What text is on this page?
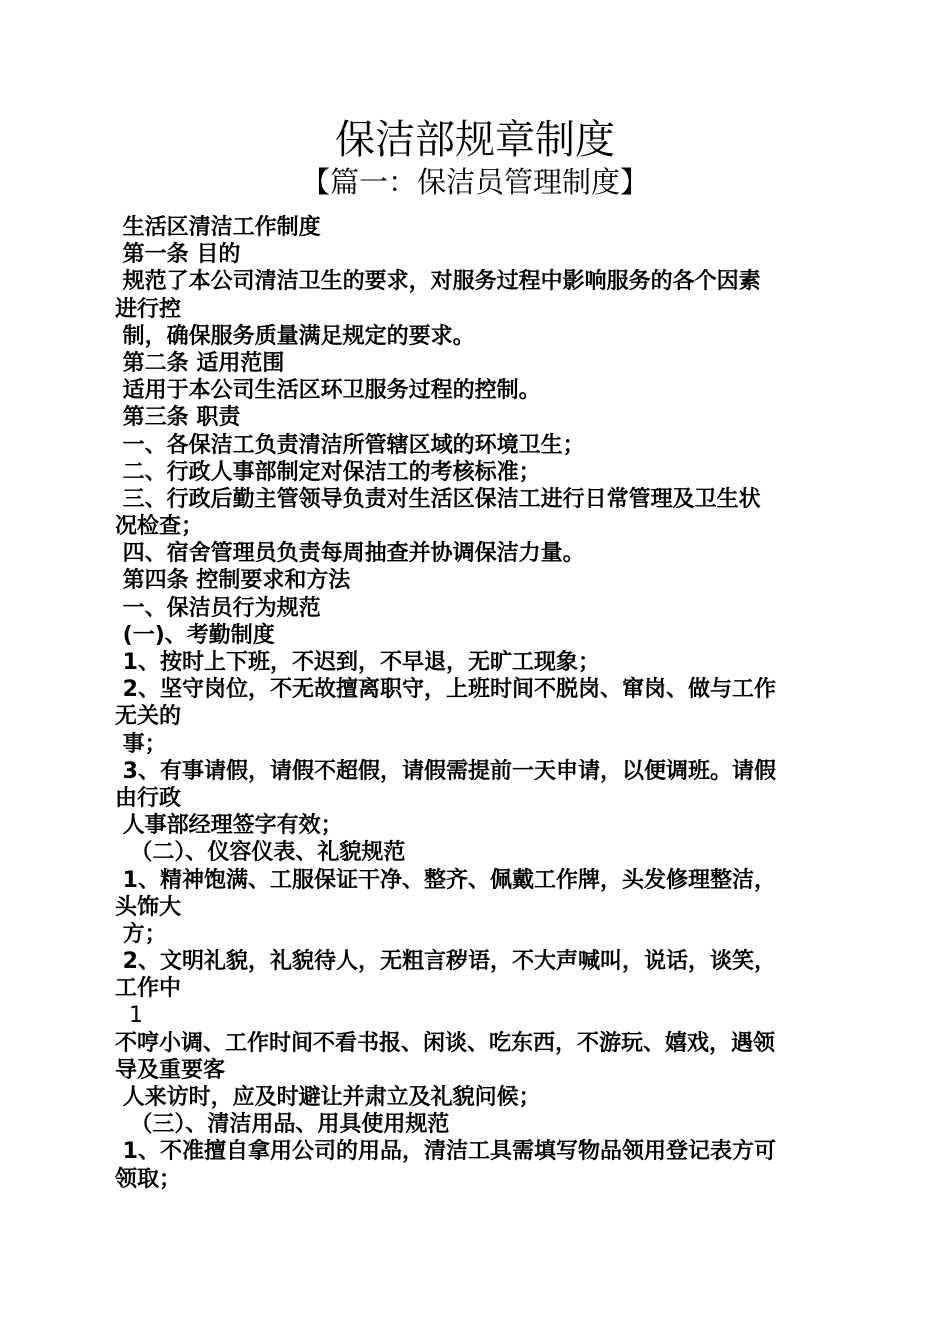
保洁部规章制度
【篇一：保洁员管理制度】
生活区清洁工作制度
第一条 目的
规范了本公司清洁卫生的要求，对服务过程中影响服务的各个因素
进行控
制，确保服务质量满足规定的要求。
第二条 适用范围
适用于本公司生活区环卫服务过程的控制。
第三条 职责
一、各保洁工负责清洁所管辖区域的环境卫生；
二、行政人事部制定对保洁工的考核标准；
三、行政后勤主管领导负责对生活区保洁工进行日常管理及卫生状
况检查；
四、宿舍管理员负责每周抽查并协调保洁力量。
第四条 控制要求和方法
一、保洁员行为规范
(一)、考勤制度
1、按时上下班，不迟到，不早退，无旷工现象；
2、坚守岗位，不无故擅离职守，上班时间不脱岗、窜岗、做与工作
无关的
事；
3、有事请假，请假不超假，请假需提前一天申请，以便调班。请假
由行政
人事部经理签字有效；
（二）、仪容仪表、礼貌规范
1、精神饱满、工服保证干净、整齐、佩戴工作牌，头发修理整洁，
头饰大
方；
2、文明礼貌，礼貌待人，无粗言秽语，不大声喊叫，说话，谈笑，
工作中
1
不哼小调、工作时间不看书报、闲谈、吃东西，不游玩、嬉戏，遇领
导及重要客
人来访时，应及时避让并肃立及礼貌问候；
（三）、清洁用品、用具使用规范
1、不准擅自拿用公司的用品，清洁工具需填写物品领用登记表方可
领取；
